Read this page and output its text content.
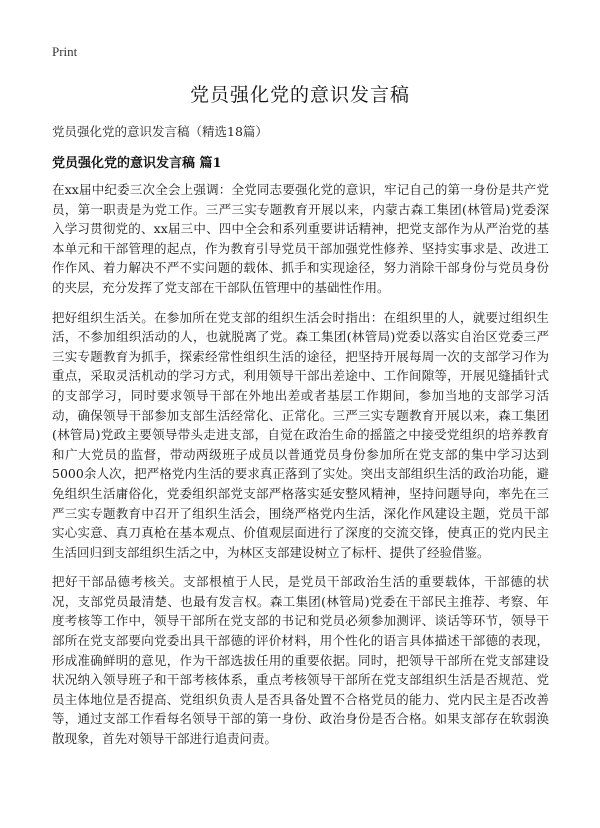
Print
党员强化党的意识发言稿
党员强化党的意识发言稿（精选18篇）
党员强化党的意识发言稿 篇1

在xx届中纪委三次全会上强调：全党同志要强化党的意识，牢记自己的第一身份是共产党员，第一职责是为党工作。三严三实专题教育开展以来，内蒙古森工集团(林管局)党委深入学习贯彻党的、xx届三中、四中全会和系列重要讲话精神，把党支部作为从严治党的基本单元和干部管理的起点，作为教育引导党员干部加强党性修养、坚持实事求是、改进工作作风、着力解决不严不实问题的载体、抓手和实现途径，努力消除干部身份与党员身份的夹层，充分发挥了党支部在干部队伍管理中的基础性作用。

把好组织生活关。在参加所在党支部的组织生活会时指出：在组织里的人，就要过组织生活，不参加组织活动的人，也就脱离了党。森工集团(林管局)党委以落实自治区党委三严三实专题教育为抓手，探索经常性组织生活的途径，把坚持开展每周一次的支部学习作为重点，采取灵活机动的学习方式，利用领导干部出差途中、工作间隙等，开展见缝插针式的支部学习，同时要求领导干部在外地出差或者基层工作期间，参加当地的支部学习活动，确保领导干部参加支部生活经常化、正常化。三严三实专题教育开展以来，森工集团(林管局)党政主要领导带头走进支部，自觉在政治生命的摇篮之中接受党组织的培养教育和广大党员的监督，带动两级班子成员以普通党员身份参加所在党支部的集中学习达到5000余人次，把严格党内生活的要求真正落到了实处。突出支部组织生活的政治功能，避免组织生活庸俗化，党委组织部党支部严格落实延安整风精神，坚持问题导向，率先在三严三实专题教育中召开了组织生活会，围绕严格党内生活，深化作风建设主题，党员干部实心实意、真刀真枪在基本观点、价值观层面进行了深度的交流交锋，使真正的党内民主生活回归到支部组织生活之中，为林区支部建设树立了标杆、提供了经验借鉴。

把好干部品德考核关。支部根植于人民，是党员干部政治生活的重要载体，干部德的状况，支部党员最清楚、也最有发言权。森工集团(林管局)党委在干部民主推荐、考察、年度考核等工作中，领导干部所在党支部的书记和党员必须参加测评、谈话等环节，领导干部所在党支部要向党委出具干部德的评价材料，用个性化的语言具体描述干部德的表现，形成准确鲜明的意见，作为干部选拔任用的重要依据。同时，把领导干部所在党支部建设状况纳入领导班子和干部考核体系，重点考核领导干部所在党支部组织生活是否规范、党员主体地位是否提高、党组织负责人是否具备处置不合格党员的能力、党内民主是否改善等，通过支部工作看每名领导干部的第一身份、政治身份是否合格。如果支部存在软弱涣散现象，首先对领导干部进行追责问责。
